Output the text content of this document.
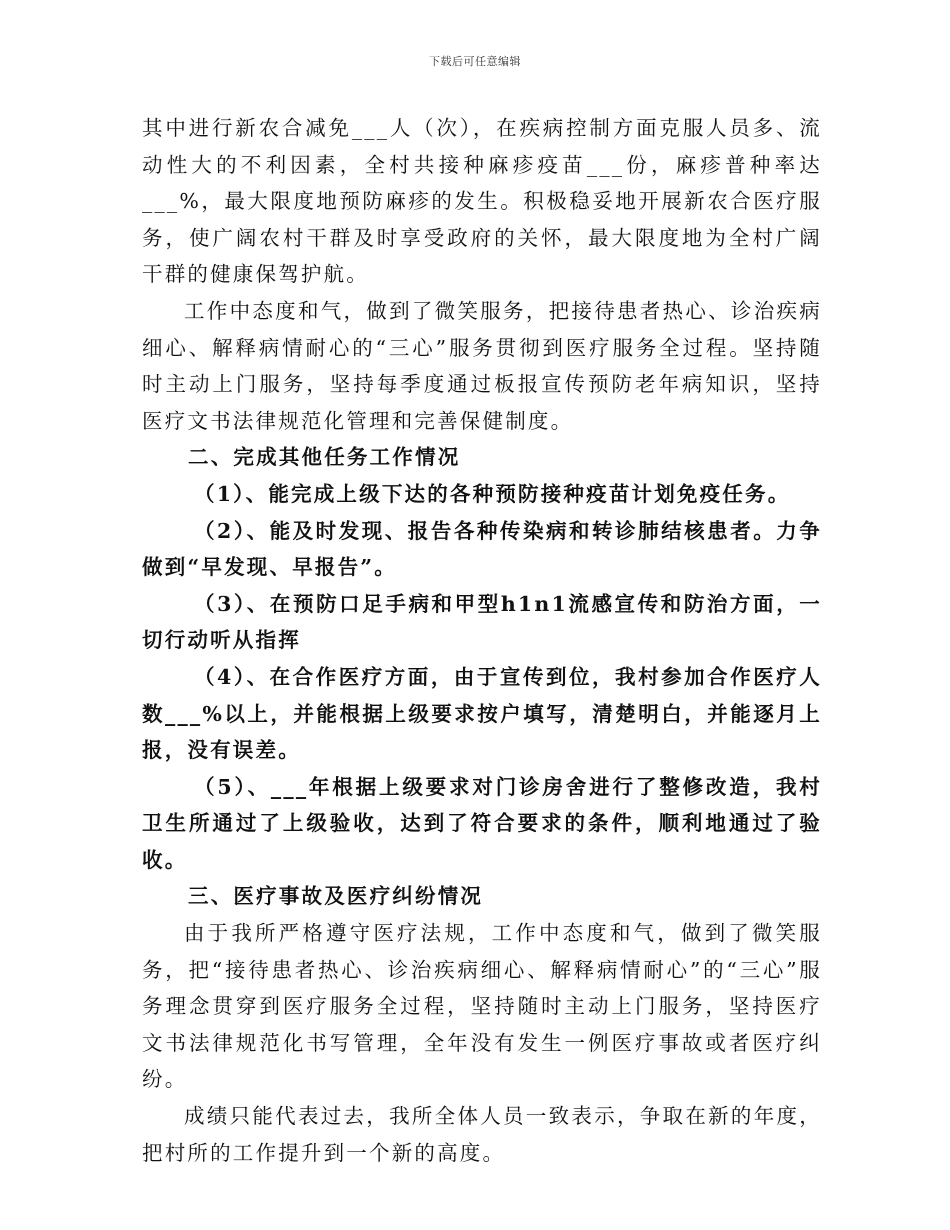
下载后可任意编辑

其中进行新农合减免___人（次），在疾病控制方面克服人员多、流动性大的不利因素，全村共接种麻疹疫苗___份，麻疹普种率达___%，最大限度地预防麻疹的发生。积极稳妥地开展新农合医疗服务，使广阔农村干群及时享受政府的关怀，最大限度地为全村广阔干群的健康保驾护航。

工作中态度和气，做到了微笑服务，把接待患者热心、诊治疾病细心、解释病情耐心的“三心”服务贯彻到医疗服务全过程。坚持随时主动上门服务，坚持每季度通过板报宣传预防老年病知识，坚持医疗文书法律规范化管理和完善保健制度。

二、完成其他任务工作情况

（1）、能完成上级下达的各种预防接种疫苗计划免疫任务。

（2）、能及时发现、报告各种传染病和转诊肺结核患者。力争做到“早发现、早报告”。

（3）、在预防口足手病和甲型h1n1流感宣传和防治方面，一切行动听从指挥

（4）、在合作医疗方面，由于宣传到位，我村参加合作医疗人数___%以上，并能根据上级要求按户填写，清楚明白，并能逐月上报，没有误差。

（5）、___年根据上级要求对门诊房舍进行了整修改造，我村卫生所通过了上级验收，达到了符合要求的条件，顺利地通过了验收。

三、医疗事故及医疗纠纷情况

由于我所严格遵守医疗法规，工作中态度和气，做到了微笑服务，把“接待患者热心、诊治疾病细心、解释病情耐心”的“三心”服务理念贯穿到医疗服务全过程，坚持随时主动上门服务，坚持医疗文书法律规范化书写管理，全年没有发生一例医疗事故或者医疗纠纷。

成绩只能代表过去，我所全体人员一致表示，争取在新的年度，把村所的工作提升到一个新的高度。
